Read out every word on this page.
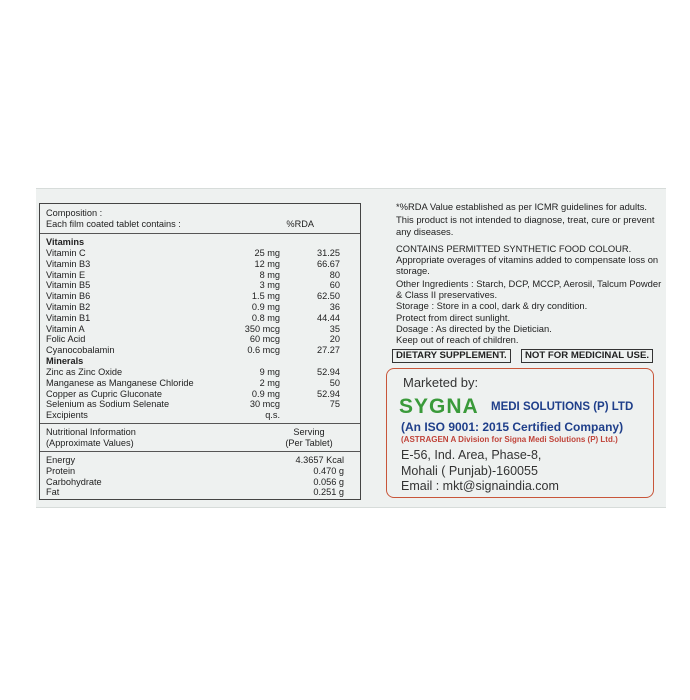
Composition :
Each film coated tablet contains :	%RDA
Vitamins
Vitamin C	25 mg	31.25
Vitamin B3	12 mg	66.67
Vitamin E	8 mg	80
Vitamin B5	3 mg	60
Vitamin B6	1.5 mg	62.50
Vitamin B2	0.9 mg	36
Vitamin B1	0.8 mg	44.44
Vitamin A	350 mcg	35
Folic Acid	60 mcg	20
Cyanocobalamin	0.6 mcg	27.27
Minerals
Zinc as Zinc Oxide	9 mg	52.94
Manganese as Manganese Chloride	2 mg	50
Copper as Cupric Gluconate	0.9 mg	52.94
Selenium as Sodium Selenate	30 mcg	75
Excipients	q.s.
Nutritional Information	Serving
(Approximate Values)	(Per Tablet)
Energy	4.3657 Kcal
Protein	0.470 g
Carbohydrate	0.056 g
Fat	0.251 g

*%RDA Value established as per ICMR guidelines for adults.

This product is not intended to diagnose, treat, cure or prevent any diseases.

CONTAINS PERMITTED SYNTHETIC FOOD COLOUR.

Appropriate overages of vitamins added to compensate loss on storage.

Other Ingredients : Starch, DCP, MCCP, Aerosil, Talcum Powder & Class II preservatives.

Storage : Store in a cool, dark & dry condition.

Protect from direct sunlight.

Dosage : As directed by the Dietician.

Keep out of reach of children.

DIETARY SUPPLEMENT.	NOT FOR MEDICINAL USE.
Marketed by:
SYGNA MEDI SOLUTIONS (P) LTD
(An ISO 9001: 2015 Certified Company)
(ASTRAGEN A Division for Signa Medi Solutions (P) Ltd.)
E-56, Ind. Area, Phase-8,
Mohali ( Punjab)-160055
Email : mkt@signaindia.com
